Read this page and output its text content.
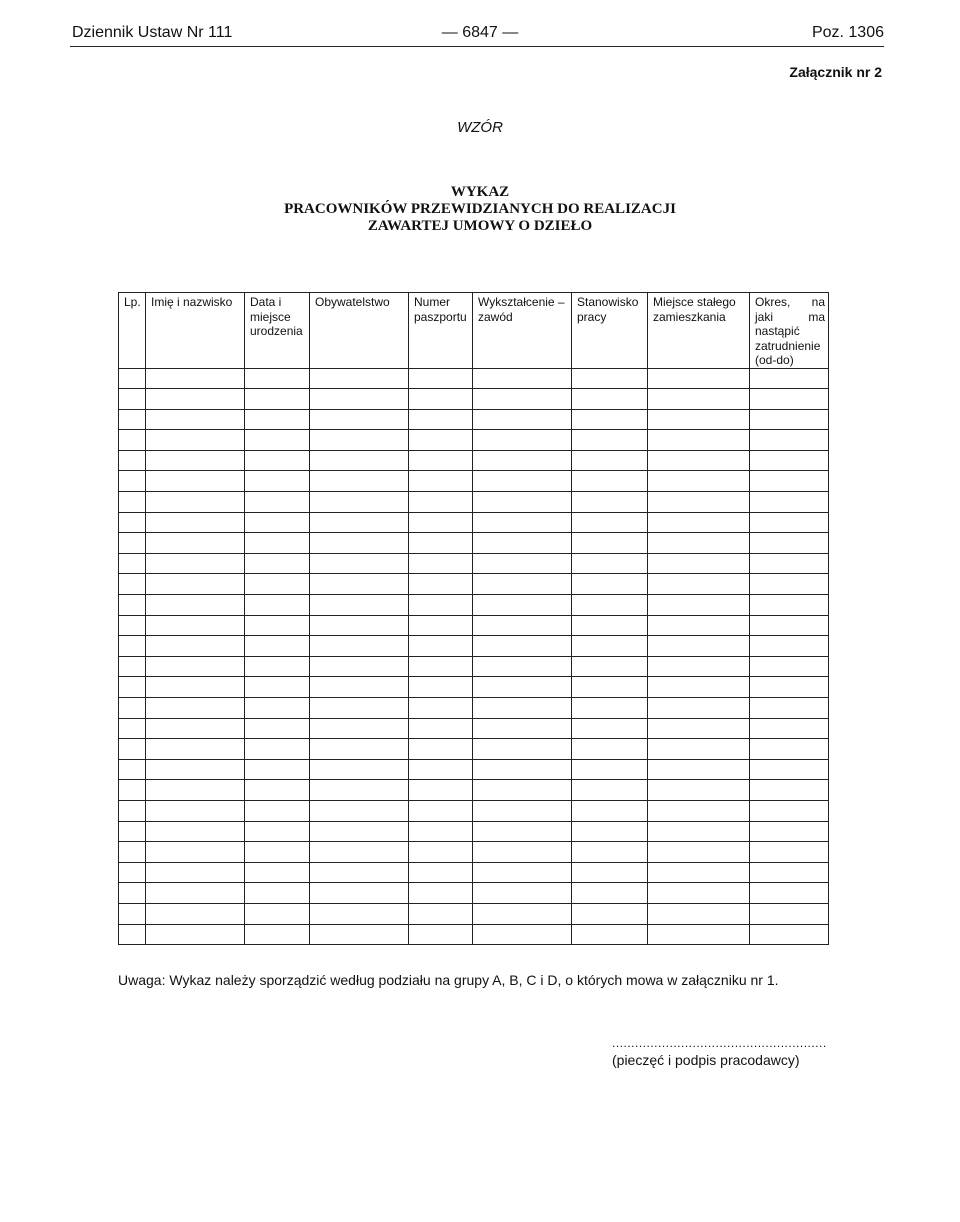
Dziennik Ustaw Nr 111	— 6847 —	Poz. 1306
Załącznik nr 2
WZÓR
WYKAZ
PRACOWNIKÓW PRZEWIDZIANYCH DO REALIZACJI
ZAWARTEJ UMOWY O DZIEŁO
Lp.	Imię i nazwisko	Data i miejsce urodzenia	Obywatelstwo	Numer paszportu	Wykształcenie – zawód	Stanowisko pracy	Miejsce stałego zamieszkania	Okres, na jaki ma nastąpić zatrudnienie (od-do)

Uwaga: Wykaz należy sporządzić według podziału na grupy A, B, C i D, o których mowa w załączniku nr 1.
........................................................
(pieczęć i podpis pracodawcy)
